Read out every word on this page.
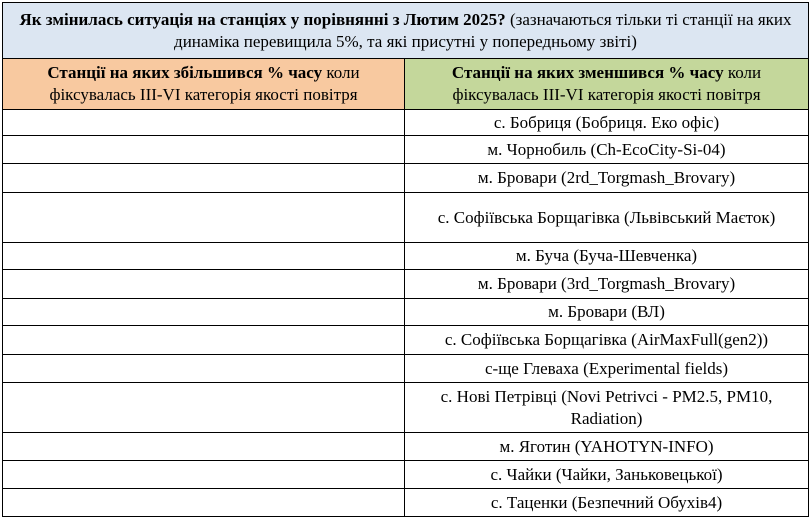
Як змінилась ситуація на станціях у порівнянні з Лютим 2025? (зазначаються тільки ті станції на яких динаміка перевищила 5%, та які присутні у попередньому звіті)	
Станції на яких збільшився % часу коли фіксувалась ІІІ-VI категорія якості повітря	Станції на яких зменшився % часу коли фіксувалась ІІІ-VI категорія якості повітря
	с. Бобриця (Бобриця. Еко офіс)
	м. Чорнобиль (Ch-EcoCity-Si-04)
	м. Бровари (2rd_Torgmash_Brovary)
	с. Софіївська Борщагівка (Львівський Маєток)
	м. Буча (Буча-Шевченка)
	м. Бровари (3rd_Torgmash_Brovary)
	м. Бровари (ВЛ)
	с. Софіївська Борщагівка (AirMaxFull(gen2))
	с-ще Глеваха (Experimental fields)
	с. Нові Петрівці (Novi Petrivci - PM2.5, PM10, Radiation)
	м. Яготин (YAHOTYN-INFO)
	с. Чайки (Чайки, Заньковецької)
	с. Таценки (Безпечний Обухів4)
